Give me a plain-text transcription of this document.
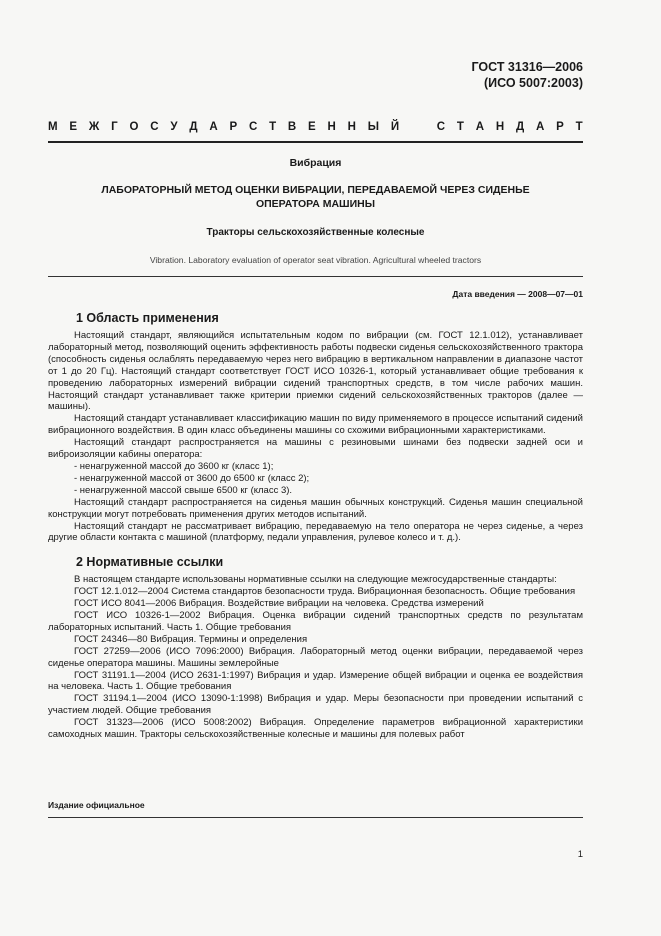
ГОСТ 31316—2006
(ИСО 5007:2003)
М Е Ж Г О С У Д А Р С Т В Е Н Н Ы Й	С Т А Н Д А Р Т
Вибрация
ЛАБОРАТОРНЫЙ МЕТОД ОЦЕНКИ ВИБРАЦИИ, ПЕРЕДАВАЕМОЙ ЧЕРЕЗ СИДЕНЬЕ ОПЕРАТОРА МАШИНЫ
Тракторы сельскохозяйственные колесные
Vibration. Laboratory evaluation of operator seat vibration. Agricultural wheeled tractors
Дата введения — 2008—07—01
1 Область применения

Настоящий стандарт, являющийся испытательным кодом по вибрации (см. ГОСТ 12.1.012), устанавливает лабораторный метод, позволяющий оценить эффективность работы подвески сиденья сельскохозяйственного трактора (способность сиденья ослаблять передаваемую через него вибрацию в вертикальном направлении в диапазоне частот от 1 до 20 Гц). Настоящий стандарт соответствует ГОСТ ИСО 10326-1, который устанавливает общие требования к проведению лабораторных измерений вибрации сидений транспортных средств, в том числе рабочих машин. Настоящий стандарт устанавливает также критерии приемки сидений сельскохозяйственных тракторов (далее — машины).

Настоящий стандарт устанавливает классификацию машин по виду применяемого в процессе испытаний сидений вибрационного воздействия. В один класс объединены машины со схожими вибрационными характеристиками.

Настоящий стандарт распространяется на машины с резиновыми шинами без подвески задней оси и виброизоляции кабины оператора:

- ненагруженной массой до 3600 кг (класс 1);

- ненагруженной массой от 3600 до 6500 кг (класс 2);

- ненагруженной массой свыше 6500 кг (класс 3).

Настоящий стандарт распространяется на сиденья машин обычных конструкций. Сиденья машин специальной конструкции могут потребовать применения других методов испытаний.

Настоящий стандарт не рассматривает вибрацию, передаваемую на тело оператора не через сиденье, а через другие области контакта с машиной (платформу, педали управления, рулевое колесо и т. д.).

2 Нормативные ссылки

В настоящем стандарте использованы нормативные ссылки на следующие межгосударственные стандарты:

ГОСТ 12.1.012—2004 Система стандартов безопасности труда. Вибрационная безопасность. Общие требования

ГОСТ ИСО 8041—2006 Вибрация. Воздействие вибрации на человека. Средства измерений

ГОСТ ИСО 10326-1—2002 Вибрация. Оценка вибрации сидений транспортных средств по результатам лабораторных испытаний. Часть 1. Общие требования

ГОСТ 24346—80 Вибрация. Термины и определения

ГОСТ 27259—2006 (ИСО 7096:2000) Вибрация. Лабораторный метод оценки вибрации, передаваемой через сиденье оператора машины. Машины землеройные

ГОСТ 31191.1—2004 (ИСО 2631-1:1997) Вибрация и удар. Измерение общей вибрации и оценка ее воздействия на человека. Часть 1. Общие требования

ГОСТ 31194.1—2004 (ИСО 13090-1:1998) Вибрация и удар. Меры безопасности при проведении испытаний с участием людей. Общие требования

ГОСТ 31323—2006 (ИСО 5008:2002) Вибрация. Определение параметров вибрационной характеристики самоходных машин. Тракторы сельскохозяйственные колесные и машины для полевых работ

Издание официальное
1
